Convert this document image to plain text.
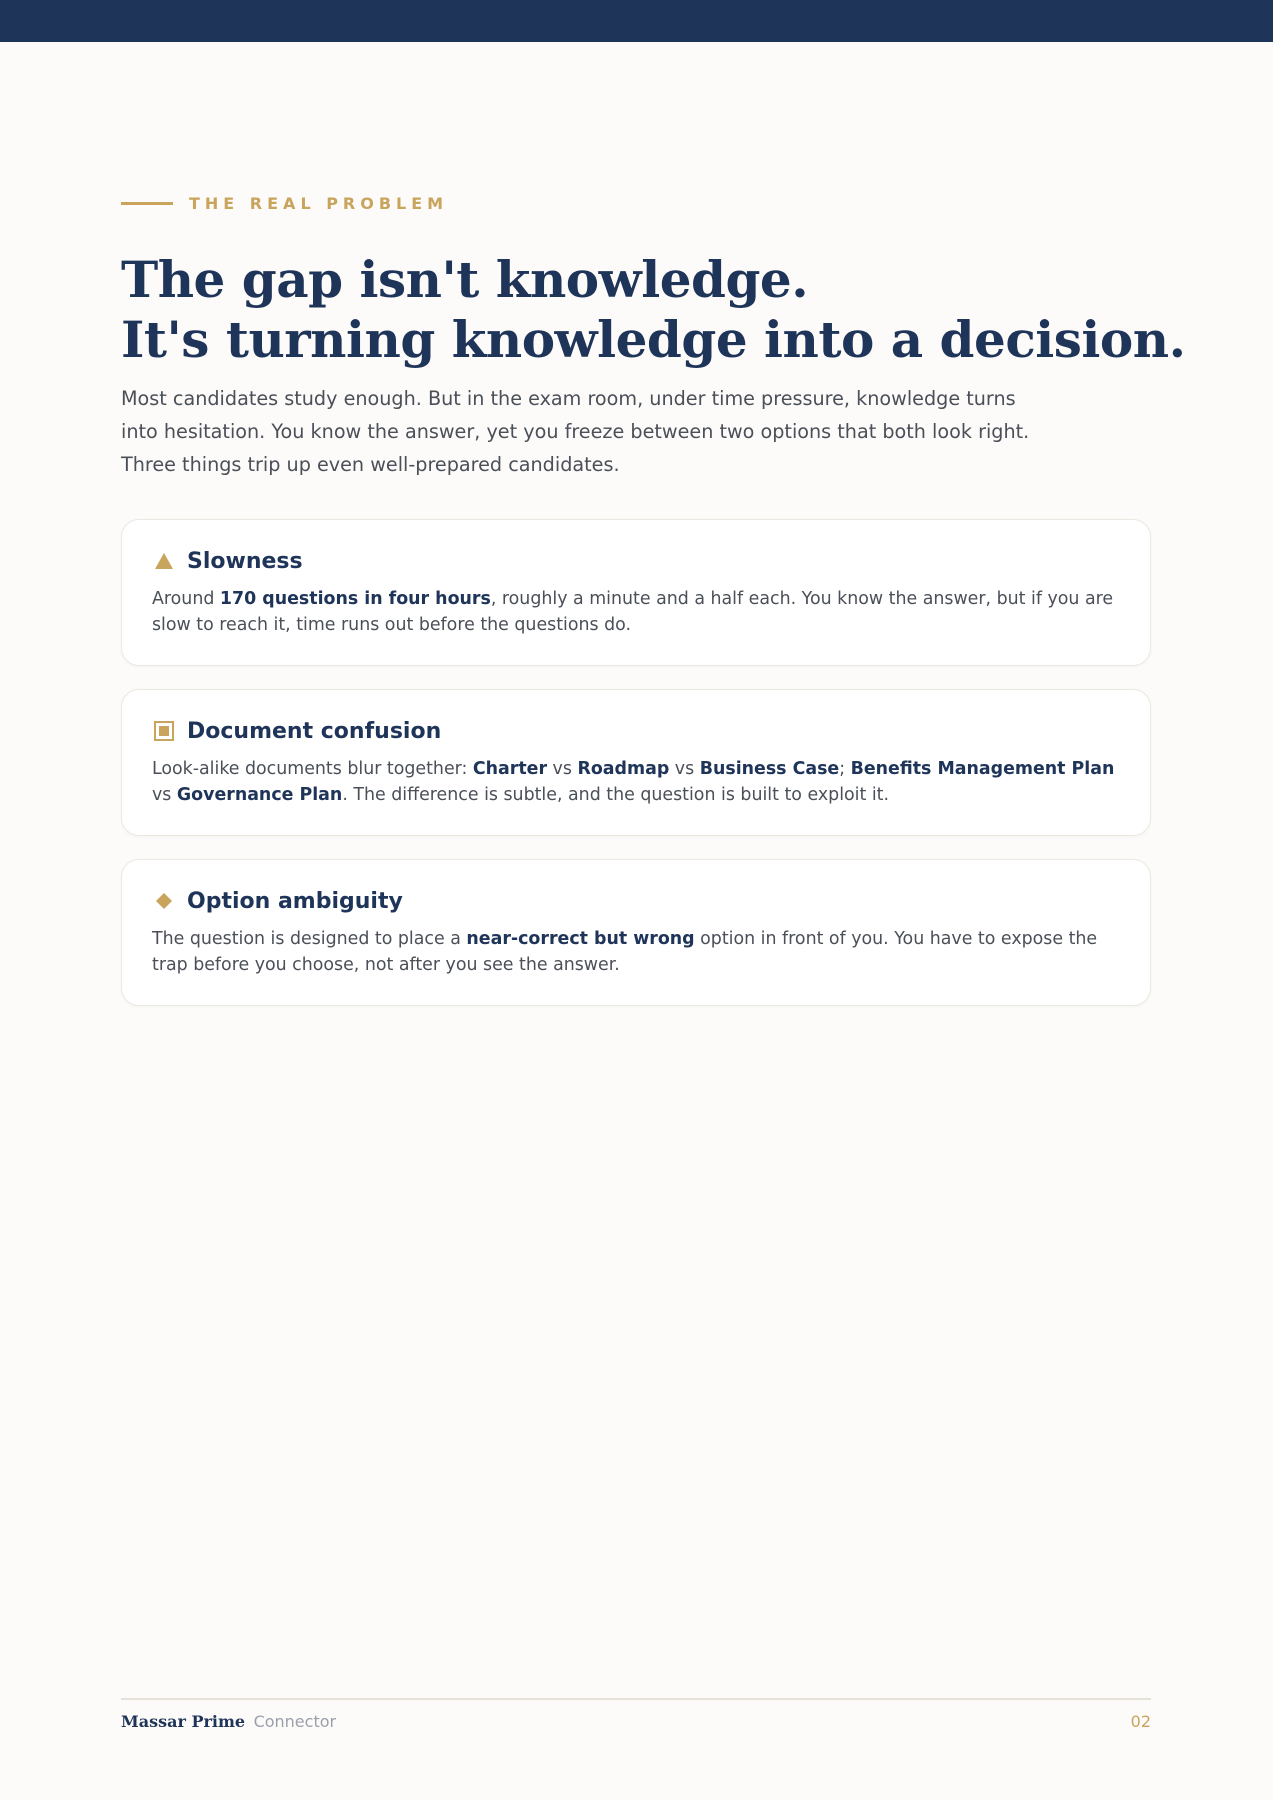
THE REAL PROBLEM
The gap isn't knowledge.
It's turning knowledge into a decision.

Most candidates study enough. But in the exam room, under time pressure, knowledge turns into hesitation. You know the answer, yet you freeze between two options that both look right. Three things trip up even well-prepared candidates.

Slowness

Around 170 questions in four hours, roughly a minute and a half each. You know the answer, but if you are slow to reach it, time runs out before the questions do.

Document confusion

Look-alike documents blur together: Charter vs Roadmap vs Business Case; Benefits Management Plan vs Governance Plan. The difference is subtle, and the question is built to exploit it.

Option ambiguity

The question is designed to place a near-correct but wrong option in front of you. You have to expose the trap before you choose, not after you see the answer.

Massar Prime Connector	02
